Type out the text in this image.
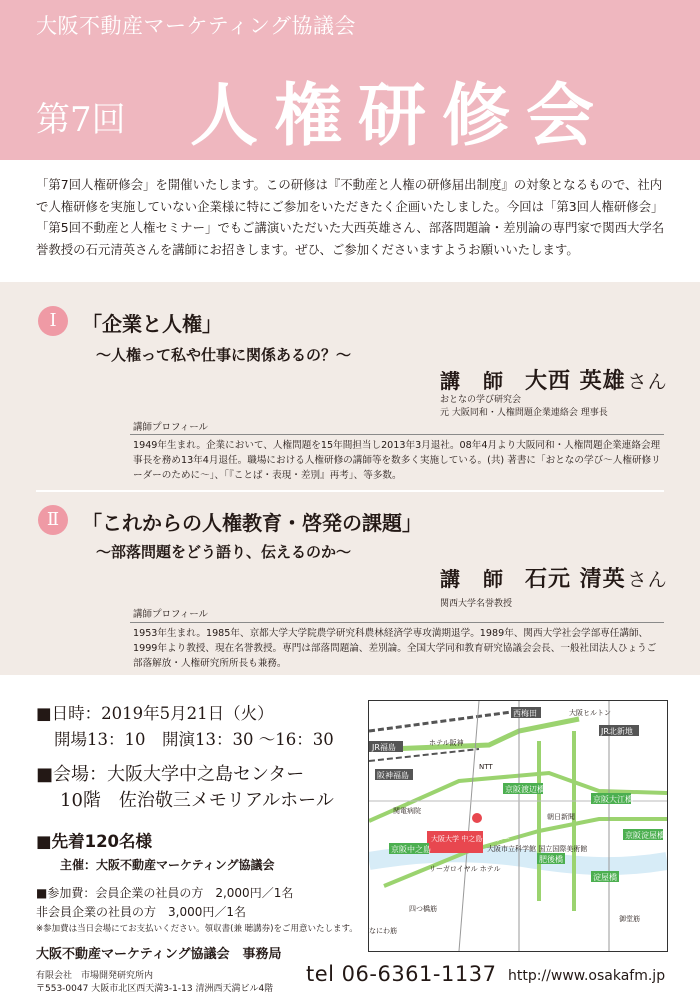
大阪不動産マーケティング協議会
第7回 人権研修会
「第7回人権研修会」を開催いたします。この研修は『不動産と人権の研修届出制度』の対象となるもので、社内で人権研修を実施していない企業様に特にご参加をいただきたく企画いたしました。今回は「第3回人権研修会」「第5回不動産と人権セミナー」でもご講演いただいた大西英雄さん、部落問題論・差別論の専門家で関西大学名誉教授の石元清英さんを講師にお招きします。ぜひ、ご参加くださいますようお願いいたします。
Ⅰ	「企業と人権」
〜人権って私や仕事に関係あるの？〜
講 師 大西 英雄 さん
おとなの学び研究会
元 大阪同和・人権問題企業連絡会 理事長
講師プロフィール
1949年生まれ。企業において、人権問題を15年間担当し2013年3月退社。08年4月より大阪同和・人権問題企業連絡会理事長を務め13年4月退任。職場における人権研修の講師等を数多く実施している。(共) 著書に「おとなの学び〜人権研修リーダーのために〜」、「『ことば・表現・差別』再考」、等多数。
Ⅱ	「これからの人権教育・啓発の課題」
〜部落問題をどう語り、伝えるのか〜
講 師 石元 清英 さん
関西大学名誉教授
講師プロフィール
1953年生まれ。1985年、京都大学大学院農学研究科農林経済学専攻満期退学。1989年、関西大学社会学部専任講師、1999年より教授、現在名誉教授。専門は部落問題論、差別論。全国大学同和教育研究協議会会長、一般社団法人ひょうご部落解放・人権研究所所長も兼務。
■日時：2019年5月21日（火）
開場13：10　開演13：30 〜16：30
■会場：大阪大学中之島センター
10階　佐治敬三メモリアルホール
■先着120名様
主催：大阪不動産マーケティング協議会
■参加費：会員企業の社員の方　2,000円／1名
非会員企業の社員の方　3,000円／1名
※参加費は当日会場にてお支払いください。領収書(兼 聴講券)をご用意いたします。
JR福島
阪神福島
西梅田
JR北新地
京阪渡辺橋
京阪大江橋
京阪中之島
京阪淀屋橋
肥後橋
淀屋橋
ホテル阪神
大阪ヒルトン
NTT
朝日新聞
大阪大学 中之島センター
リーガロイヤル ホテル
大阪市立科学館 国立国際美術館
関電病院
四つ橋筋
御堂筋
なにわ筋
大阪不動産マーケティング協議会　事務局
有限会社　市場開発研究所内
〒553-0047 大阪市北区西天満3-1-13 清洲西天満ビル4階
tel 06-6361-1137 http://www.osakafm.jp
